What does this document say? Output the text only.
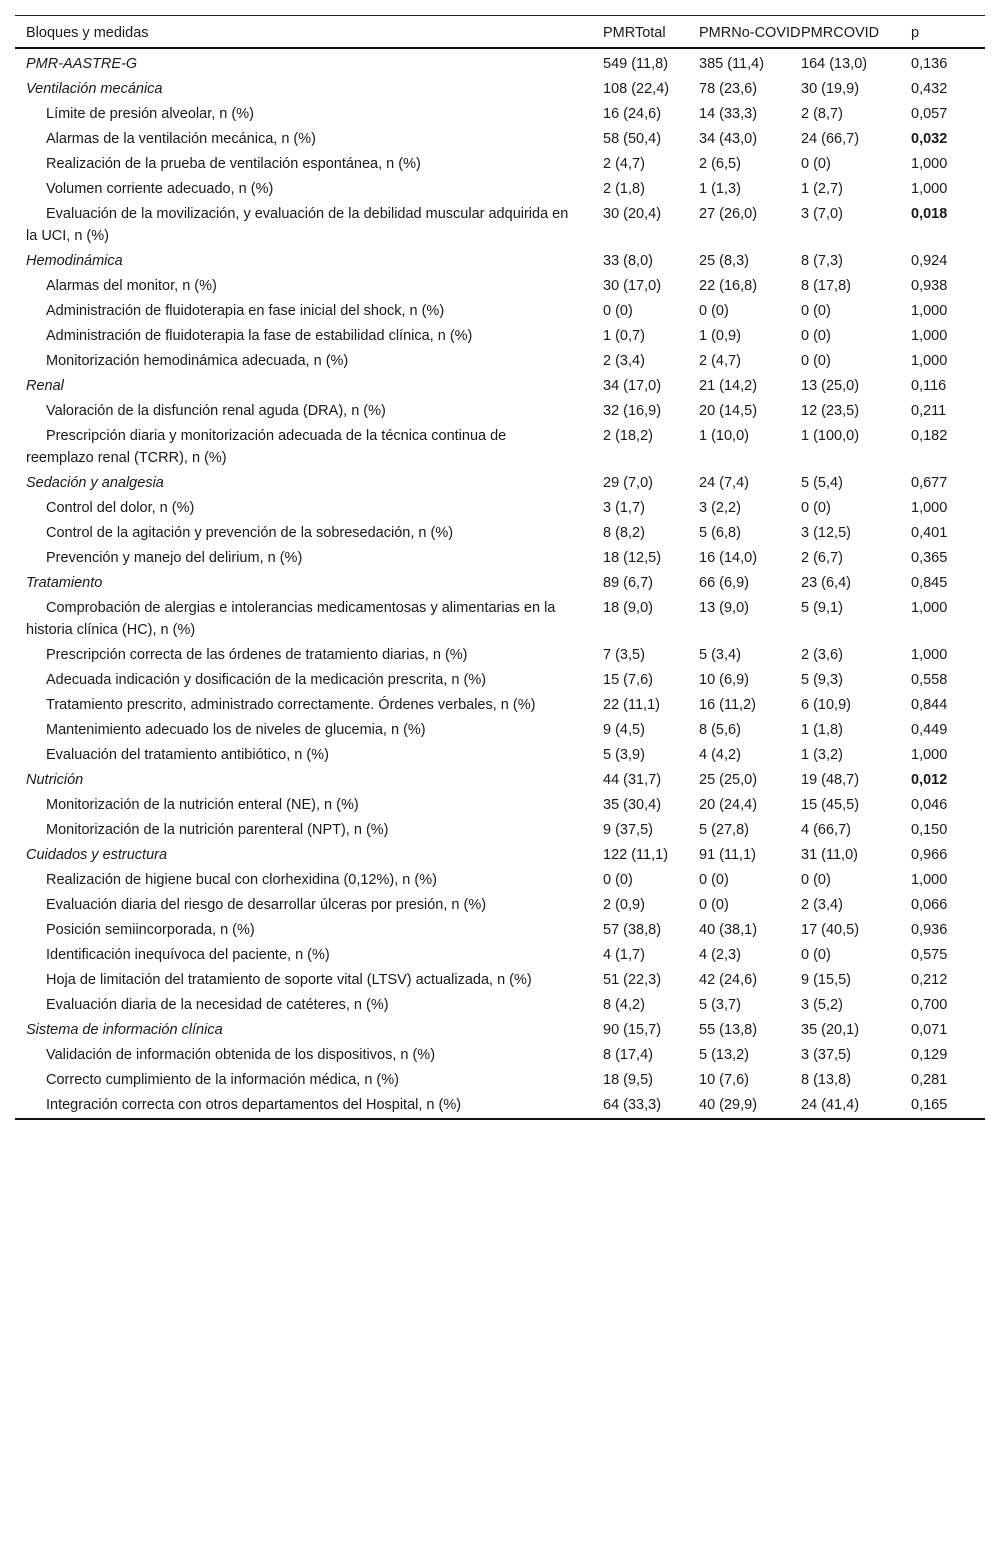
Bloques y medidas	PMRTotal	PMRNo-COVID	PMRCOVID	p
PMR-AASTRE-G	549 (11,8)	385 (11,4)	164 (13,0)	0,136
Ventilación mecánica	108 (22,4)	78 (23,6)	30 (19,9)	0,432
Límite de presión alveolar, n (%)	16 (24,6)	14 (33,3)	2 (8,7)	0,057
Alarmas de la ventilación mecánica, n (%)	58 (50,4)	34 (43,0)	24 (66,7)	0,032
Realización de la prueba de ventilación espontánea, n (%)	2 (4,7)	2 (6,5)	0 (0)	1,000
Volumen corriente adecuado, n (%)	2 (1,8)	1 (1,3)	1 (2,7)	1,000
Evaluación de la movilización, y evaluación de la debilidad muscular adquirida en la UCI, n (%)	30 (20,4)	27 (26,0)	3 (7,0)	0,018
Hemodinámica	33 (8,0)	25 (8,3)	8 (7,3)	0,924
Alarmas del monitor, n (%)	30 (17,0)	22 (16,8)	8 (17,8)	0,938
Administración de fluidoterapia en fase inicial del shock, n (%)	0 (0)	0 (0)	0 (0)	1,000
Administración de fluidoterapia la fase de estabilidad clínica, n (%)	1 (0,7)	1 (0,9)	0 (0)	1,000
Monitorización hemodinámica adecuada, n (%)	2 (3,4)	2 (4,7)	0 (0)	1,000
Renal	34 (17,0)	21 (14,2)	13 (25,0)	0,116
Valoración de la disfunción renal aguda (DRA), n (%)	32 (16,9)	20 (14,5)	12 (23,5)	0,211
Prescripción diaria y monitorización adecuada de la técnica continua de reemplazo renal (TCRR), n (%)	2 (18,2)	1 (10,0)	1 (100,0)	0,182
Sedación y analgesia	29 (7,0)	24 (7,4)	5 (5,4)	0,677
Control del dolor, n (%)	3 (1,7)	3 (2,2)	0 (0)	1,000
Control de la agitación y prevención de la sobresedación, n (%)	8 (8,2)	5 (6,8)	3 (12,5)	0,401
Prevención y manejo del delirium, n (%)	18 (12,5)	16 (14,0)	2 (6,7)	0,365
Tratamiento	89 (6,7)	66 (6,9)	23 (6,4)	0,845
Comprobación de alergias e intolerancias medicamentosas y alimentarias en la historia clínica (HC), n (%)	18 (9,0)	13 (9,0)	5 (9,1)	1,000
Prescripción correcta de las órdenes de tratamiento diarias, n (%)	7 (3,5)	5 (3,4)	2 (3,6)	1,000
Adecuada indicación y dosificación de la medicación prescrita, n (%)	15 (7,6)	10 (6,9)	5 (9,3)	0,558
Tratamiento prescrito, administrado correctamente. Órdenes verbales, n (%)	22 (11,1)	16 (11,2)	6 (10,9)	0,844
Mantenimiento adecuado los de niveles de glucemia, n (%)	9 (4,5)	8 (5,6)	1 (1,8)	0,449
Evaluación del tratamiento antibiótico, n (%)	5 (3,9)	4 (4,2)	1 (3,2)	1,000
Nutrición	44 (31,7)	25 (25,0)	19 (48,7)	0,012
Monitorización de la nutrición enteral (NE), n (%)	35 (30,4)	20 (24,4)	15 (45,5)	0,046
Monitorización de la nutrición parenteral (NPT), n (%)	9 (37,5)	5 (27,8)	4 (66,7)	0,150
Cuidados y estructura	122 (11,1)	91 (11,1)	31 (11,0)	0,966
Realización de higiene bucal con clorhexidina (0,12%), n (%)	0 (0)	0 (0)	0 (0)	1,000
Evaluación diaria del riesgo de desarrollar úlceras por presión, n (%)	2 (0,9)	0 (0)	2 (3,4)	0,066
Posición semiincorporada, n (%)	57 (38,8)	40 (38,1)	17 (40,5)	0,936
Identificación inequívoca del paciente, n (%)	4 (1,7)	4 (2,3)	0 (0)	0,575
Hoja de limitación del tratamiento de soporte vital (LTSV) actualizada, n (%)	51 (22,3)	42 (24,6)	9 (15,5)	0,212
Evaluación diaria de la necesidad de catéteres, n (%)	8 (4,2)	5 (3,7)	3 (5,2)	0,700
Sistema de información clínica	90 (15,7)	55 (13,8)	35 (20,1)	0,071
Validación de información obtenida de los dispositivos, n (%)	8 (17,4)	5 (13,2)	3 (37,5)	0,129
Correcto cumplimiento de la información médica, n (%)	18 (9,5)	10 (7,6)	8 (13,8)	0,281
Integración correcta con otros departamentos del Hospital, n (%)	64 (33,3)	40 (29,9)	24 (41,4)	0,165
